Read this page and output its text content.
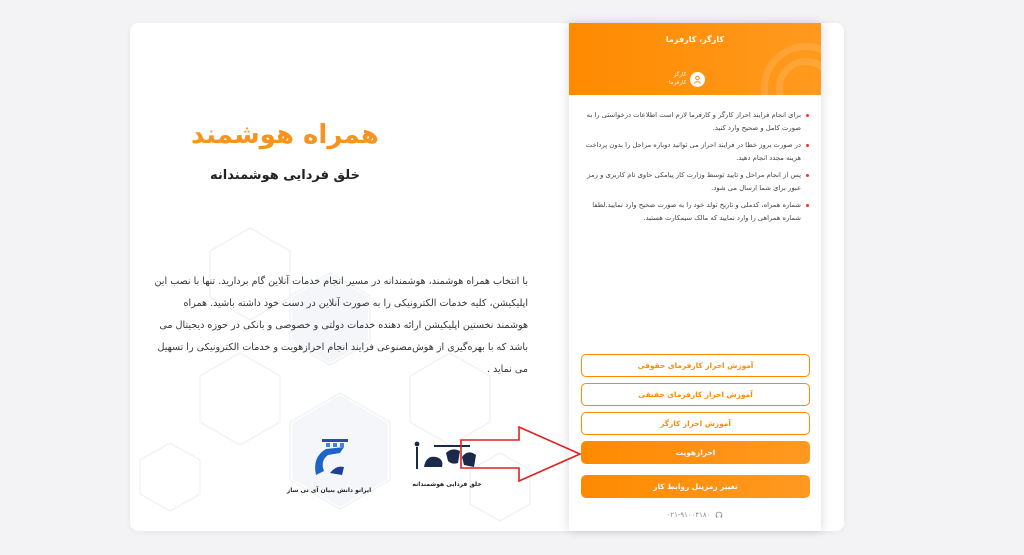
ایرانو دانش بنیان آی تی ساز
خلق فردایی هوشمندانه
همراه هوشمند
خلق فردایی هوشمندانه

با انتخاب همراه هوشمند، هوشمندانه در مسیر انجام خدمات آنلاین گام بردارید. تنها با نصب این اپلیکیشن، کلیه خدمات الکترونیکی را به صورت آنلاین در دست خود داشته باشید. همراه هوشمند نخستین اپلیکیشن ارائه دهنده خدمات دولتی و خصوصی و بانکی در حوزه دیجیتال می باشد که با بهره‌گیری از هوش‌مصنوعی فرایند انجام احرازهویت و خدمات الکترونیکی را تسهیل می نماید .

کارگر، کارفرما
کارگر
کارفرما
برای انجام فرایند احراز کارگر و کارفرما لازم است اطلاعات درخواستی را به صورت کامل و صحیح وارد کنید.
در صورت بروز خطا در فرایند احراز می توانید دوباره مراحل را بدون پرداخت هزینه مجدد انجام دهید.
پس از انجام مراحل و تایید توسط وزارت کار پیامکی حاوی نام کاربری و رمز عبور برای شما ارسال می شود.
شماره همراه، کدملی و تاریخ تولد خود را به صورت صحیح وارد نمایید.لطفا شماره همراهی را وارد نمایید که مالک سیمکارت هستید.
آموزش احراز کارفرمای حقوقی
آموزش احراز کارفرمای حقیقی
آموزش احراز کارگر
احرازهویت
تغییر رمزپنل روابط کار
۰۲۱-۹۱۰۰۴۱۸۰
